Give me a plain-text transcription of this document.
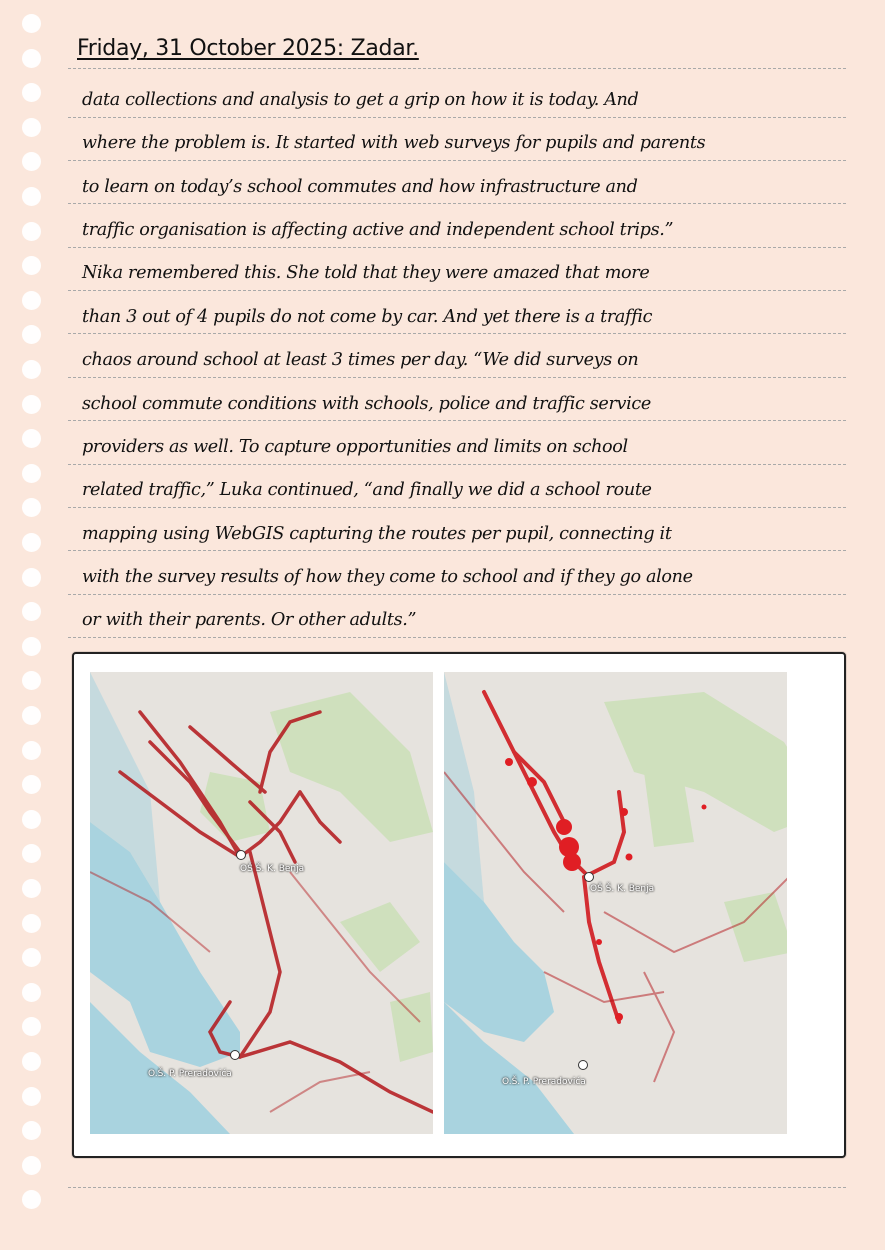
Friday, 31 October 2025: Zadar.
data collections and analysis to get a grip on how it is today. And
where the problem is. It started with web surveys for pupils and parents
to learn on today’s school commutes and how infrastructure and
traffic organisation is affecting active and independent school trips.”
Nika remembered this. She told that they were amazed that more
than 3 out of 4 pupils do not come by car. And yet there is a traffic
chaos around school at least 3 times per day. “We did surveys on
school commute conditions with schools, police and traffic service
providers as well. To capture opportunities and limits on school
related traffic,” Luka continued, “and finally we did a school route
mapping using WebGIS capturing the routes per pupil, connecting it
with the survey results of how they come to school and if they go alone
or with their parents. Or other adults.”
OŠ Š. K. Benja
O.Š. P. Preradovića
OŠ Š. K. Benja
O.Š. P. Preradovića
